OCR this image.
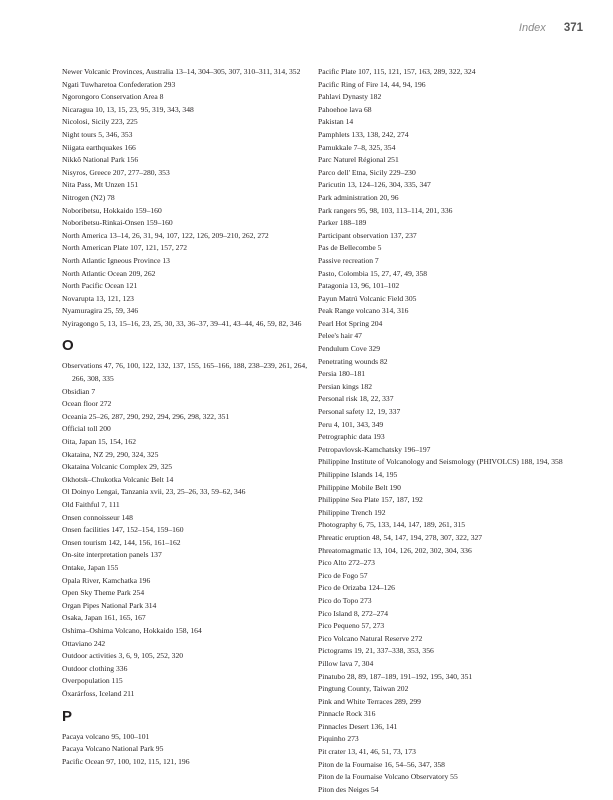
Index 371
Newer Volcanic Provinces, Australia 13–14, 304–305, 307, 310–311, 314, 352
Ngati Tuwharetoa Confederation 293
Ngorongoro Conservation Area 8
Nicaragua 10, 13, 15, 23, 95, 319, 343, 348
Nicolosi, Sicily 223, 225
Night tours 5, 346, 353
Niigata earthquakes 166
Nikkō National Park 156
Nisyros, Greece 207, 277–280, 353
Nita Pass, Mt Unzen 151
Nitrogen (N2) 78
Noboribetsu, Hokkaido 159–160
Noboribetsu-Rinkai-Onsen 159–160
North America 13–14, 26, 31, 94, 107, 122, 126, 209–210, 262, 272
North American Plate 107, 121, 157, 272
North Atlantic Igneous Province 13
North Atlantic Ocean 209, 262
North Pacific Ocean 121
Novarupta 13, 121, 123
Nyamuragira 25, 59, 346
Nyiragongo 5, 13, 15–16, 23, 25, 30, 33, 36–37, 39–41, 43–44, 46, 59, 82, 346
O
Observations 47, 76, 100, 122, 132, 137, 155, 165–166, 188, 238–239, 261, 264, 266, 308, 335
Obsidian 7
Ocean floor 272
Oceania 25–26, 287, 290, 292, 294, 296, 298, 322, 351
Official toll 200
Oita, Japan 15, 154, 162
Okataina, NZ 29, 290, 324, 325
Okataina Volcanic Complex 29, 325
Okhotsk–Chukotka Volcanic Belt 14
Ol Doinyo Lengai, Tanzania xvii, 23, 25–26, 33, 59–62, 346
Old Faithful 7, 111
Onsen connoisseur 148
Onsen facilities 147, 152–154, 159–160
Onsen tourism 142, 144, 156, 161–162
On-site interpretation panels 137
Ontake, Japan 155
Opala River, Kamchatka 196
Open Sky Theme Park 254
Organ Pipes National Park 314
Osaka, Japan 161, 165, 167
Oshima–Oshima Volcano, Hokkaido 158, 164
Ottaviano 242
Outdoor activities 3, 6, 9, 105, 252, 320
Outdoor clothing 336
Overpopulation 115
Öxarárfoss, Iceland 211
P
Pacaya volcano 95, 100–101
Pacaya Volcano National Park 95
Pacific Ocean 97, 100, 102, 115, 121, 196
Pacific Plate 107, 115, 121, 157, 163, 289, 322, 324
Pacific Ring of Fire 14, 44, 94, 196
Pahlavi Dynasty 182
Pahoehoe lava 68
Pakistan 14
Pamphlets 133, 138, 242, 274
Pamukkale 7–8, 325, 354
Parc Naturel Régional 251
Parco dell' Etna, Sicily 229–230
Paricutin 13, 124–126, 304, 335, 347
Park administration 20, 96
Park rangers 95, 98, 103, 113–114, 201, 336
Parker 188–189
Participant observation 137, 237
Pas de Bellecombe 5
Passive recreation 7
Pasto, Colombia 15, 27, 47, 49, 358
Patagonia 13, 96, 101–102
Payun Matrú Volcanic Field 305
Peak Range volcano 314, 316
Pearl Hot Spring 204
Pelee's hair 47
Pendulum Cove 329
Penetrating wounds 82
Persia 180–181
Persian kings 182
Personal risk 18, 22, 337
Personal safety 12, 19, 337
Peru 4, 101, 343, 349
Petrographic data 193
Petropavlovsk-Kamchatsky 196–197
Philippine Institute of Volcanology and Seismology (PHIVOLCS) 188, 194, 358
Philippine Islands 14, 195
Philippine Mobile Belt 190
Philippine Sea Plate 157, 187, 192
Philippine Trench 192
Photography 6, 75, 133, 144, 147, 189, 261, 315
Phreatic eruption 48, 54, 147, 194, 278, 307, 322, 327
Phreatomagmatic 13, 104, 126, 202, 302, 304, 336
Pico Alto 272–273
Pico de Fogo 57
Pico de Orizaba 124–126
Pico do Topo 273
Pico Island 8, 272–274
Pico Pequeno 57, 273
Pico Volcano Natural Reserve 272
Pictograms 19, 21, 337–338, 353, 356
Pillow lava 7, 304
Pinatubo 28, 89, 187–189, 191–192, 195, 340, 351
Pingtung County, Taiwan 202
Pink and White Terraces 289, 299
Pinnacle Rock 316
Pinnacles Desert 136, 141
Piquinho 273
Pit crater 13, 41, 46, 51, 73, 173
Piton de la Fournaise 16, 54–56, 347, 358
Piton de la Fournaise Volcano Observatory 55
Piton des Neiges 54
